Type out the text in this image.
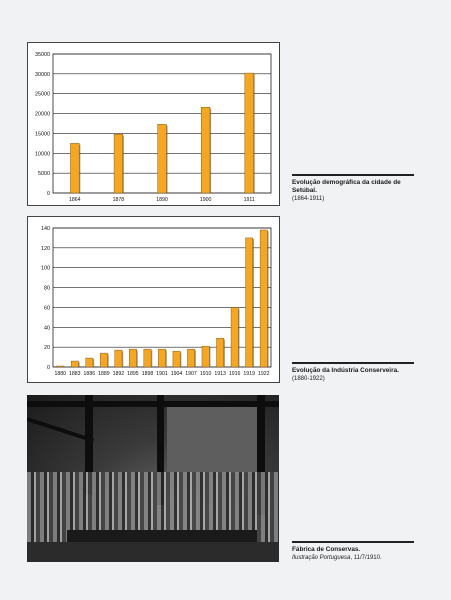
0
5000
10000
15000
20000
25000
30000
35000
1864	1878	1890	1900	1911
Evolução demográfica da cidade de Setúbal.
(1864-1911)
0
20
40
60
80
100
120
140
1880 1883 1886 1889 1892 1895 1898 1901 1904 1907 1910 1913 1916 1919 1922	Evolução da Indústria Conserveira.
(1880-1922)
Fábrica de Conservas.
Ilustração Portuguesa, 11/7/1910.
